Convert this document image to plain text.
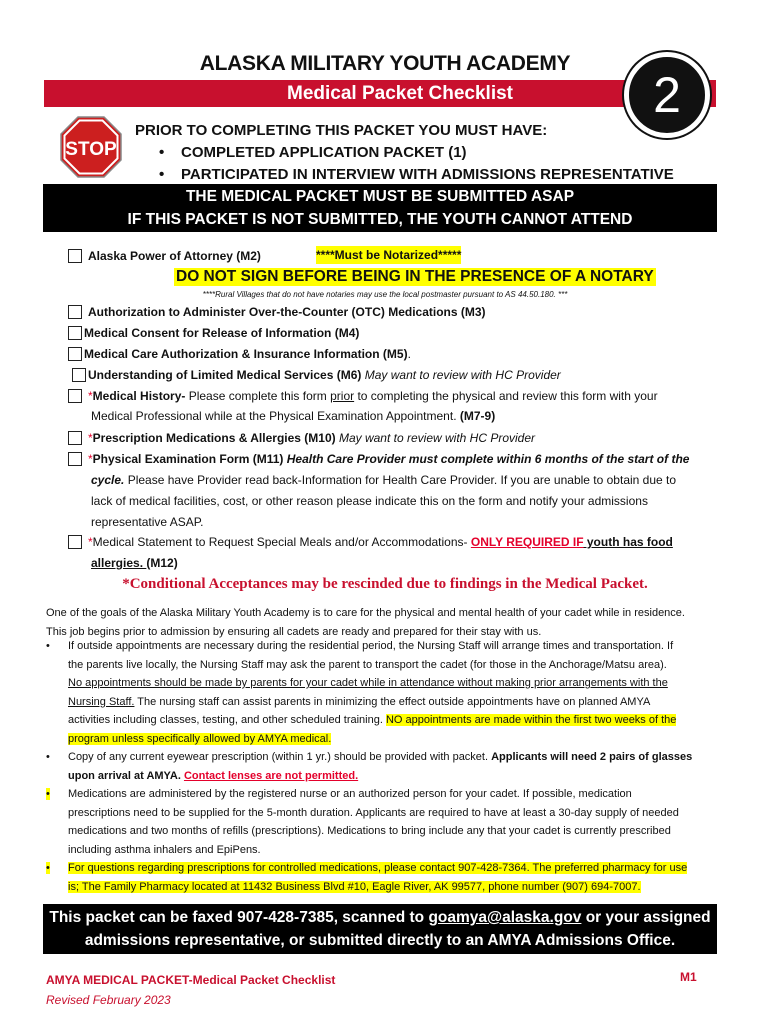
ALASKA MILITARY YOUTH ACADEMY
Medical Packet Checklist	2
STOP
PRIOR TO COMPLETING THIS PACKET YOU MUST HAVE:
• COMPLETED APPLICATION PACKET (1)
• PARTICIPATED IN INTERVIEW WITH ADMISSIONS REPRESENTATIVE
THE MEDICAL PACKET MUST BE SUBMITTED ASAP
IF THIS PACKET IS NOT SUBMITTED, THE YOUTH CANNOT ATTEND
Alaska Power of Attorney (M2)	****Must be Notarized*****
DO NOT SIGN BEFORE BEING IN THE PRESENCE OF A NOTARY
****Rural Villages that do not have notaries may use the local postmaster pursuant to AS 44.50.180. ***
Authorization to Administer Over-the-Counter (OTC) Medications (M3)
Medical Consent for Release of Information (M4)
Medical Care Authorization & Insurance Information (M5).
Understanding of Limited Medical Services (M6) May want to review with HC Provider
*Medical History- Please complete this form prior to completing the physical and review this form with your
Medical Professional while at the Physical Examination Appointment. (M7-9)
*Prescription Medications & Allergies (M10) May want to review with HC Provider
*Physical Examination Form (M11) Health Care Provider must complete within 6 months of the start of the
cycle. Please have Provider read back-Information for Health Care Provider. If you are unable to obtain due to
lack of medical facilities, cost, or other reason please indicate this on the form and notify your admissions
representative ASAP.
*Medical Statement to Request Special Meals and/or Accommodations- ONLY REQUIRED IF youth has food
allergies. (M12)
*Conditional Acceptances may be rescinded due to findings in the Medical Packet.
One of the goals of the Alaska Military Youth Academy is to care for the physical and mental health of your cadet while in residence.
This job begins prior to admission by ensuring all cadets are ready and prepared for their stay with us.
• If outside appointments are necessary during the residential period, the Nursing Staff will arrange times and transportation. If
the parents live locally, the Nursing Staff may ask the parent to transport the cadet (for those in the Anchorage/Matsu area).
No appointments should be made by parents for your cadet while in attendance without making prior arrangements with the
Nursing Staff. The nursing staff can assist parents in minimizing the effect outside appointments have on planned AMYA
activities including classes, testing, and other scheduled training. NO appointments are made within the first two weeks of the
program unless specifically allowed by AMYA medical.
• Copy of any current eyewear prescription (within 1 yr.) should be provided with packet. Applicants will need 2 pairs of glasses
upon arrival at AMYA. Contact lenses are not permitted.
• Medications are administered by the registered nurse or an authorized person for your cadet. If possible, medication
prescriptions need to be supplied for the 5-month duration. Applicants are required to have at least a 30-day supply of needed
medications and two months of refills (prescriptions). Medications to bring include any that your cadet is currently prescribed
including asthma inhalers and EpiPens.
• For questions regarding prescriptions for controlled medications, please contact 907-428-7364. The preferred pharmacy for use
is; The Family Pharmacy located at 11432 Business Blvd #10, Eagle River, AK 99577, phone number (907) 694-7007.
This packet can be faxed 907-428-7385, scanned to goamya@alaska.gov or your assigned
admissions representative, or submitted directly to an AMYA Admissions Office.
AMYA MEDICAL PACKET-Medical Packet Checklist
Revised February 2023
M1
